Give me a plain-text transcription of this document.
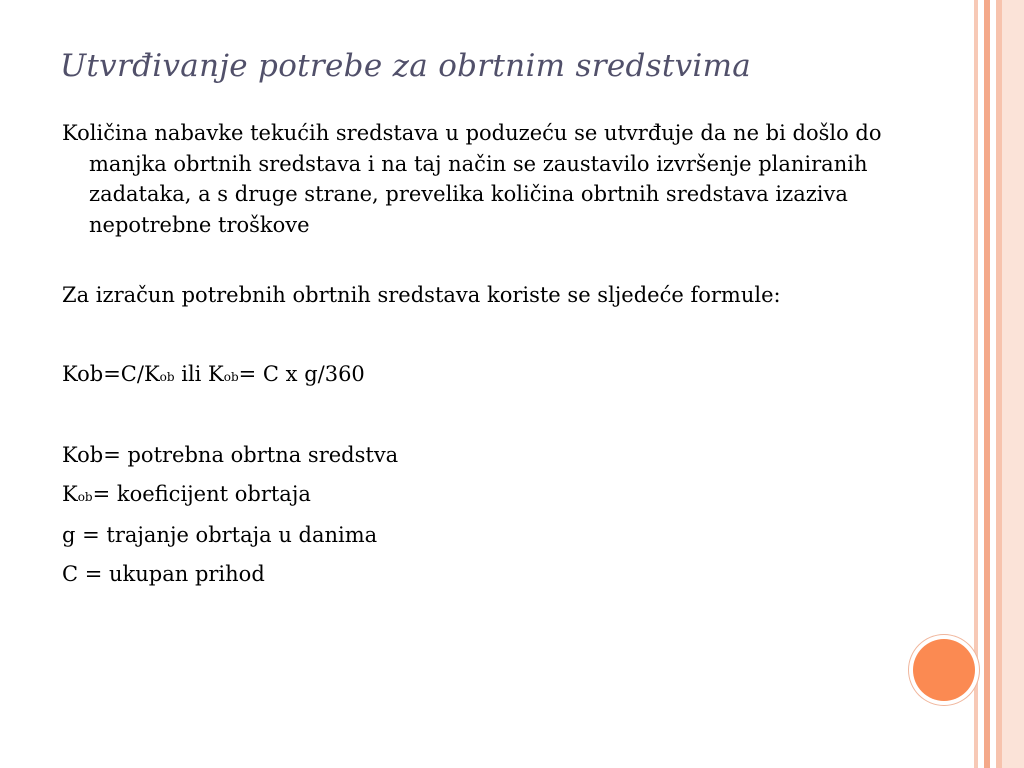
Utvrđivanje potrebe za obrtnim sredstvima

Količina nabavke tekućih sredstava u poduzeću se utvrđuje da ne bi došlo do manjka obrtnih sredstava i na taj način se zaustavilo izvršenje planiranih zadataka, a s druge strane, prevelika količina obrtnih sredstava izaziva nepotrebne troškove

Za izračun potrebnih obrtnih sredstava koriste se sljedeće formule:

Kob=C/Kob ili Kob= C x g/360

Kob= potrebna obrtna sredstva

Kob= koeficijent obrtaja

g = trajanje obrtaja u danima

C = ukupan prihod
